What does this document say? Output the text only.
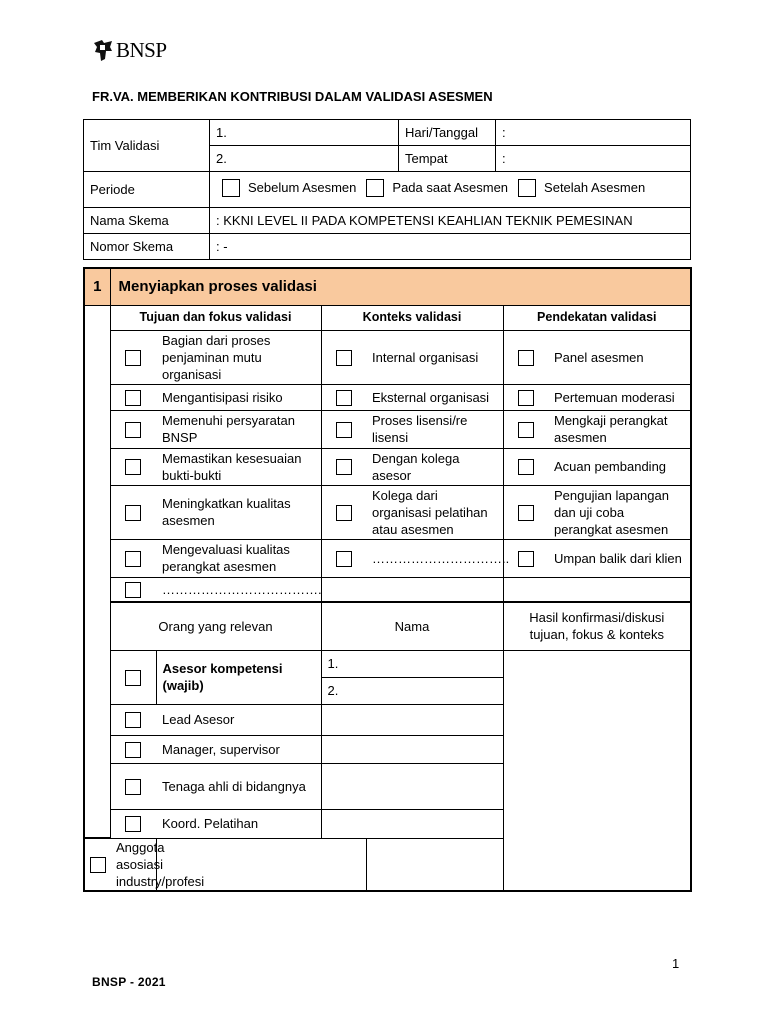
BNSP
FR.VA. MEMBERIKAN KONTRIBUSI DALAM VALIDASI ASESMEN
Tim Validasi	1.	Hari/Tanggal	:
	2.	Tempat	:
Periode	Sebelum Asesmen Pada saat Asesmen Setelah Asesmen		

Nama Skema	: KKNI LEVEL II PADA KOMPETENSI KEAHLIAN TEKNIK PEMESINAN		
Nomor Skema	: -		
1	Menyiapkan proses validasi					
	Tujuan dan fokus validasi		Konteks validasi		Pendekatan validasi	
		Bagian dari proses penjaminan mutu organisasi		Internal organisasi		Panel asesmen
		Mengantisipasi risiko		Eksternal organisasi		Pertemuan moderasi
		Memenuhi persyaratan BNSP		Proses lisensi/re lisensi		Mengkaji perangkat asesmen
		Memastikan kesesuaian bukti-bukti		Dengan kolega asesor		Acuan pembanding
		Meningkatkan kualitas asesmen		Kolega dari organisasi pelatihan atau asesmen		Pengujian lapangan dan uji coba perangkat asesmen
		Mengevaluasi kualitas perangkat asesmen		…………………………..		Umpan balik dari klien
		……………………………….				
	Orang yang relevan		Nama		Hasil konfirmasi/diskusi tujuan, fokus & konteks	
		Asesor kompetensi (wajib)	1.			
			2.			
		Lead Asesor				
		Manager, supervisor				
		Tenaga ahli di bidangnya				
		Koord. Pelatihan				
	Anggota asosiasi industry/profesi					
1
BNSP - 2021
